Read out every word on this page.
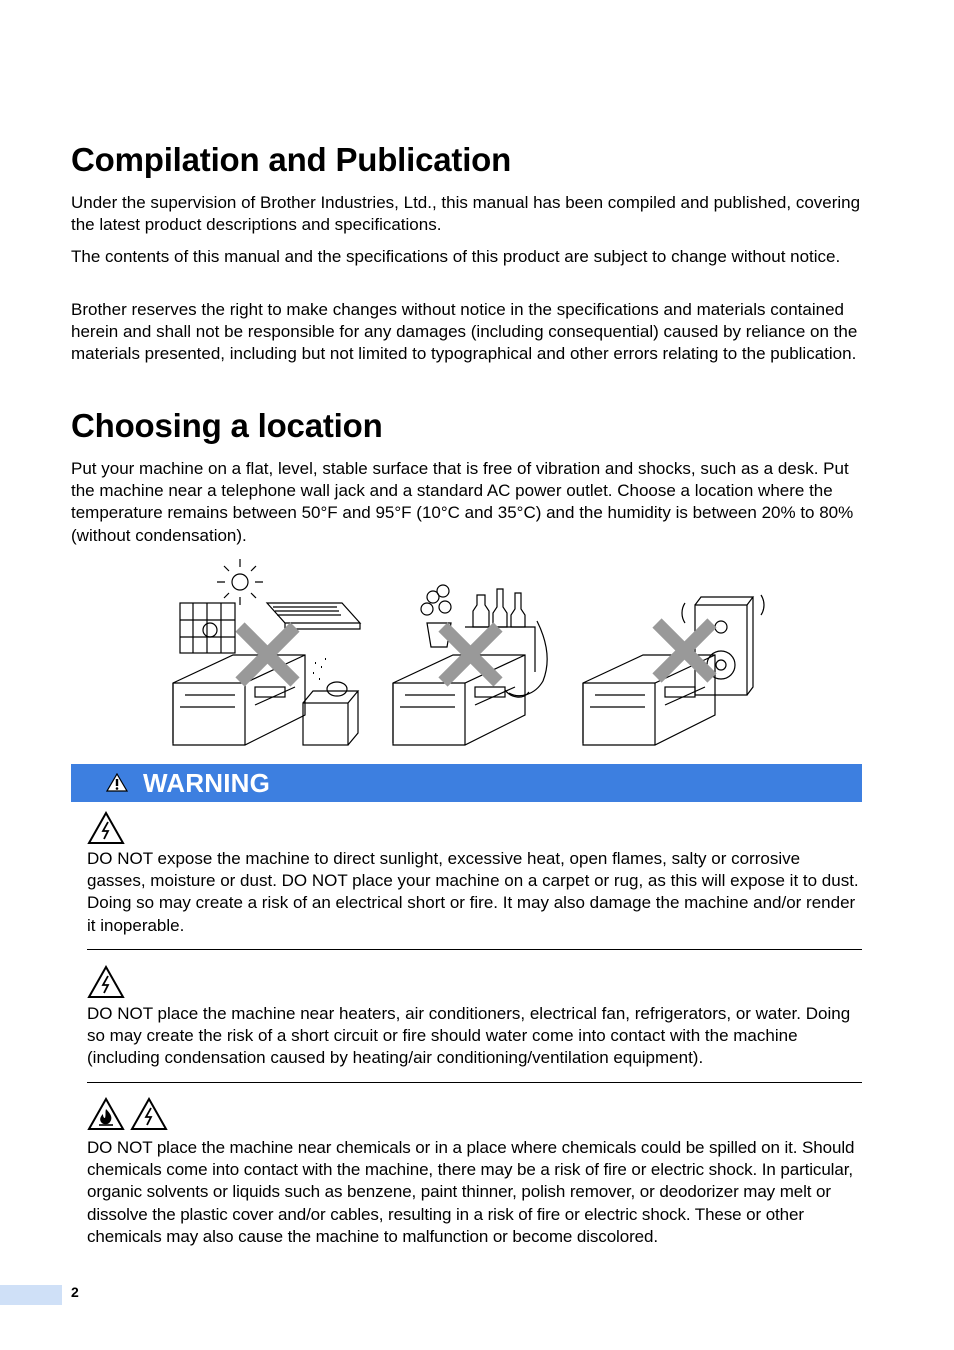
Compilation and Publication

Under the supervision of Brother Industries, Ltd., this manual has been compiled and published, covering the latest product descriptions and specifications.

The contents of this manual and the specifications of this product are subject to change without notice.

Brother reserves the right to make changes without notice in the specifications and materials contained herein and shall not be responsible for any damages (including consequential) caused by reliance on the materials presented, including but not limited to typographical and other errors relating to the publication.

Choosing a location

Put your machine on a flat, level, stable surface that is free of vibration and shocks, such as a desk. Put the machine near a telephone wall jack and a standard AC power outlet. Choose a location where the temperature remains between 50°F and 95°F (10°C and 35°C) and the humidity is between 20% to 80% (without condensation).

WARNING

DO NOT expose the machine to direct sunlight, excessive heat, open flames, salty or corrosive gasses, moisture or dust. DO NOT place your machine on a carpet or rug, as this will expose it to dust. Doing so may create a risk of an electrical short or fire. It may also damage the machine and/or render it inoperable.

DO NOT place the machine near heaters, air conditioners, electrical fan, refrigerators, or water. Doing so may create the risk of a short circuit or fire should water come into contact with the machine (including condensation caused by heating/air conditioning/ventilation equipment).

DO NOT place the machine near chemicals or in a place where chemicals could be spilled on it. Should chemicals come into contact with the machine, there may be a risk of fire or electric shock. In particular, organic solvents or liquids such as benzene, paint thinner, polish remover, or deodorizer may melt or dissolve the plastic cover and/or cables, resulting in a risk of fire or electric shock. These or other chemicals may also cause the machine to malfunction or become discolored.

2
